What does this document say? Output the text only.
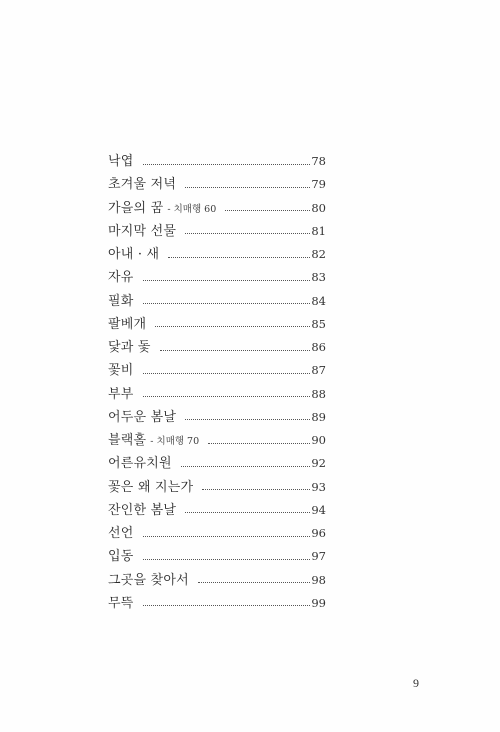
낙엽	78
초겨울 저녁	79
가을의 꿈 - 치매행 60	80
마지막 선물	81
아내 · 새	82
자유	83
필화	84
팔베개	85
닻과 돛	86
꽃비	87
부부	88
어두운 봄날	89
블랙홀 - 치매행 70	90
어른유치원	92
꽃은 왜 지는가	93
잔인한 봄날	94
선언	96
입동	97
그곳을 찾아서	98
무뜩	99
9
